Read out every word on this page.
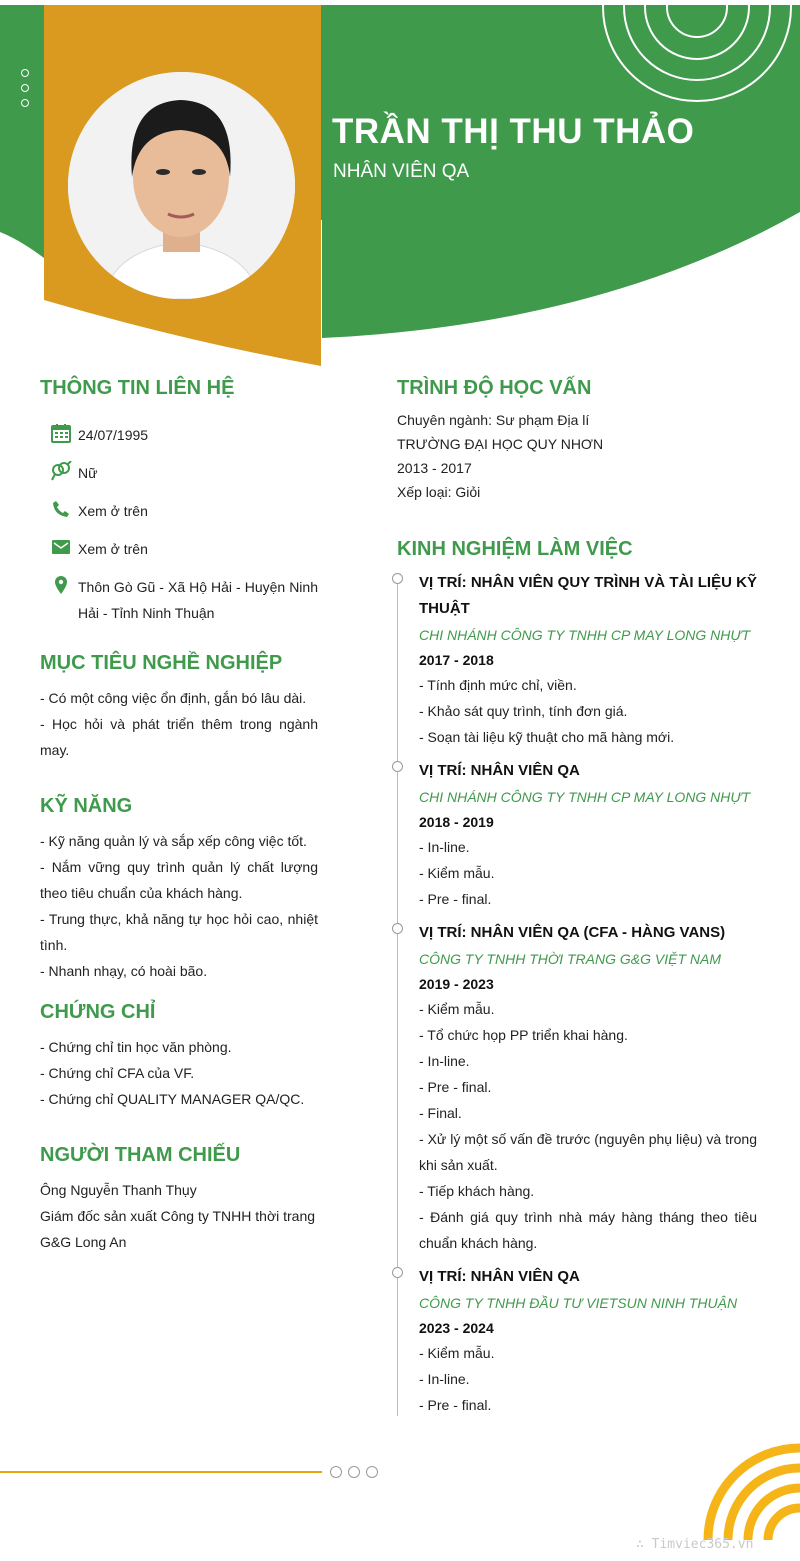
TRẦN THỊ THU THẢO
NHÂN VIÊN QA
THÔNG TIN LIÊN HỆ
24/07/1995
Nữ
Xem ở trên
Xem ở trên
Thôn Gò Gũ - Xã Hộ Hải - Huyện Ninh Hải - Tỉnh Ninh Thuận
MỤC TIÊU NGHỀ NGHIỆP
- Có một công việc ổn định, gắn bó lâu dài.
- Học hỏi và phát triển thêm trong ngành may.
KỸ NĂNG
- Kỹ năng quản lý và sắp xếp công việc tốt.
- Nắm vững quy trình quản lý chất lượng theo tiêu chuẩn của khách hàng.
- Trung thực, khả năng tự học hỏi cao, nhiệt tình.
- Nhanh nhạy, có hoài bão.
CHỨNG CHỈ
- Chứng chỉ tin học văn phòng.
- Chứng chỉ CFA của VF.
- Chứng chỉ QUALITY MANAGER QA/QC.
NGƯỜI THAM CHIẾU
Ông Nguyễn Thanh Thụy
Giám đốc sản xuất Công ty TNHH thời trang G&G Long An
TRÌNH ĐỘ HỌC VẤN
Chuyên ngành: Sư phạm Địa lí
TRƯỜNG ĐẠI HỌC QUY NHƠN
2013 - 2017
Xếp loại: Giỏi
KINH NGHIỆM LÀM VIỆC
VỊ TRÍ: NHÂN VIÊN QUY TRÌNH VÀ TÀI LIỆU KỸ THUẬT
CHI NHÁNH CÔNG TY TNHH CP MAY LONG NHỰT
2017 - 2018
- Tính định mức chỉ, viền.
- Khảo sát quy trình, tính đơn giá.
- Soạn tài liệu kỹ thuật cho mã hàng mới.
VỊ TRÍ: NHÂN VIÊN QA
CHI NHÁNH CÔNG TY TNHH CP MAY LONG NHỰT
2018 - 2019
- In-line.
- Kiểm mẫu.
- Pre - final.
VỊ TRÍ: NHÂN VIÊN QA (CFA - HÀNG VANS)
CÔNG TY TNHH THỜI TRANG G&G VIỆT NAM
2019 - 2023
- Kiểm mẫu.
- Tổ chức họp PP triển khai hàng.
- In-line.
- Pre - final.
- Final.
- Xử lý một số vấn đề trước (nguyên phụ liệu) và trong khi sản xuất.
- Tiếp khách hàng.
- Đánh giá quy trình nhà máy hàng tháng theo tiêu chuẩn khách hàng.
VỊ TRÍ: NHÂN VIÊN QA
CÔNG TY TNHH ĐẦU TƯ VIETSUN NINH THUẬN
2023 - 2024
- Kiểm mẫu.
- In-line.
- Pre - final.
∴ Timviec365.vn
